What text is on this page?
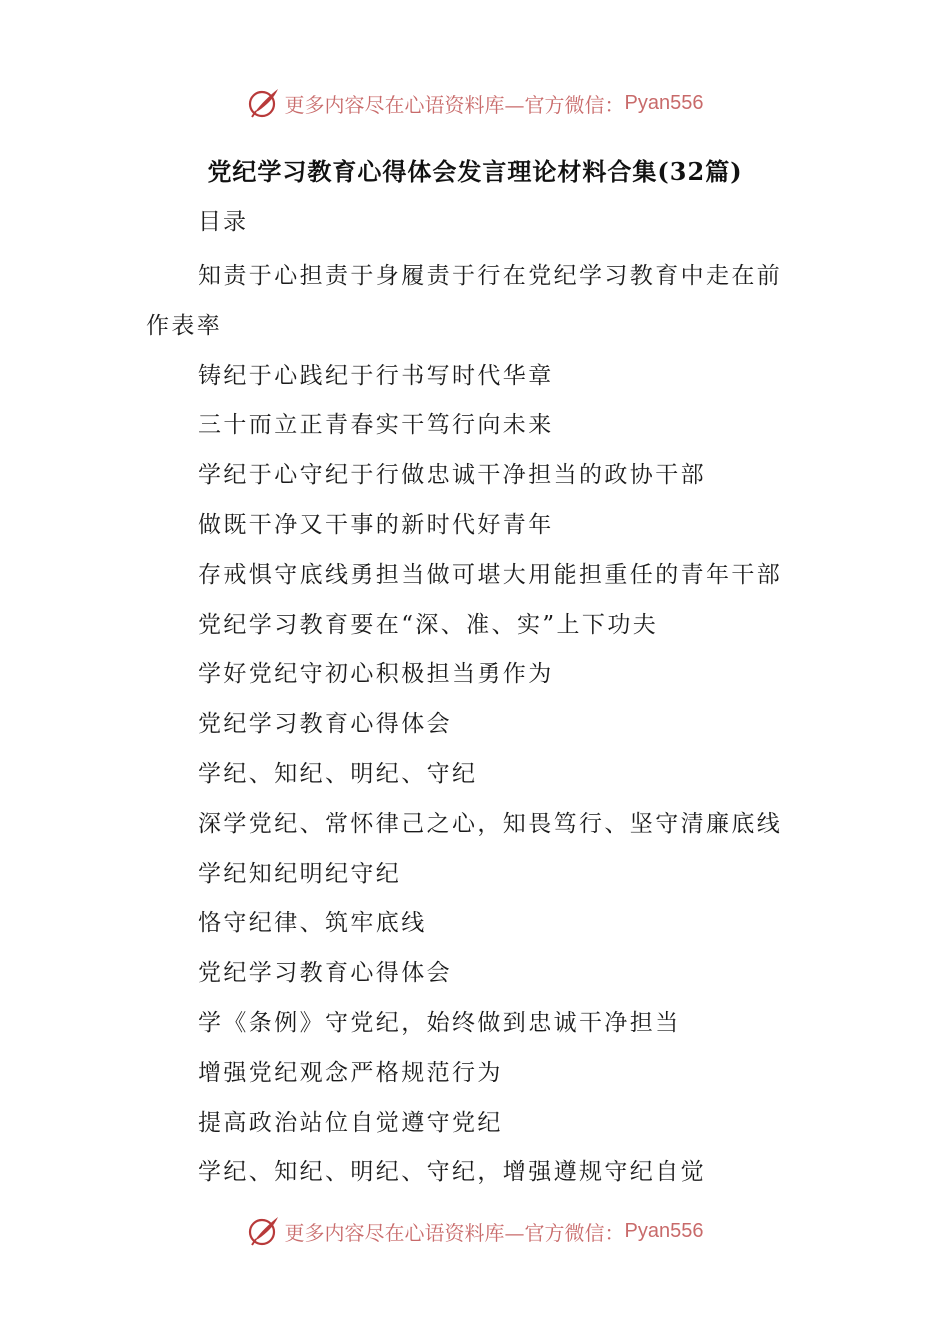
更多内容尽在心语资料库—官方微信： Pyan556
党纪学习教育心得体会发言理论材料合集(32篇)
目录
知责于心担责于身履责于行在党纪学习教育中走在前作表率
铸纪于心践纪于行书写时代华章
三十而立正青春实干笃行向未来
学纪于心守纪于行做忠诚干净担当的政协干部
做既干净又干事的新时代好青年
存戒惧守底线勇担当做可堪大用能担重任的青年干部
党纪学习教育要在“深、准、实”上下功夫
学好党纪守初心积极担当勇作为
党纪学习教育心得体会
学纪、知纪、明纪、守纪
深学党纪、常怀律己之心，知畏笃行、坚守清廉底线
学纪知纪明纪守纪
恪守纪律、筑牢底线
党纪学习教育心得体会
学《条例》守党纪，始终做到忠诚干净担当
增强党纪观念严格规范行为
提高政治站位自觉遵守党纪
学纪、知纪、明纪、守纪，增强遵规守纪自觉
更多内容尽在心语资料库—官方微信： Pyan556
